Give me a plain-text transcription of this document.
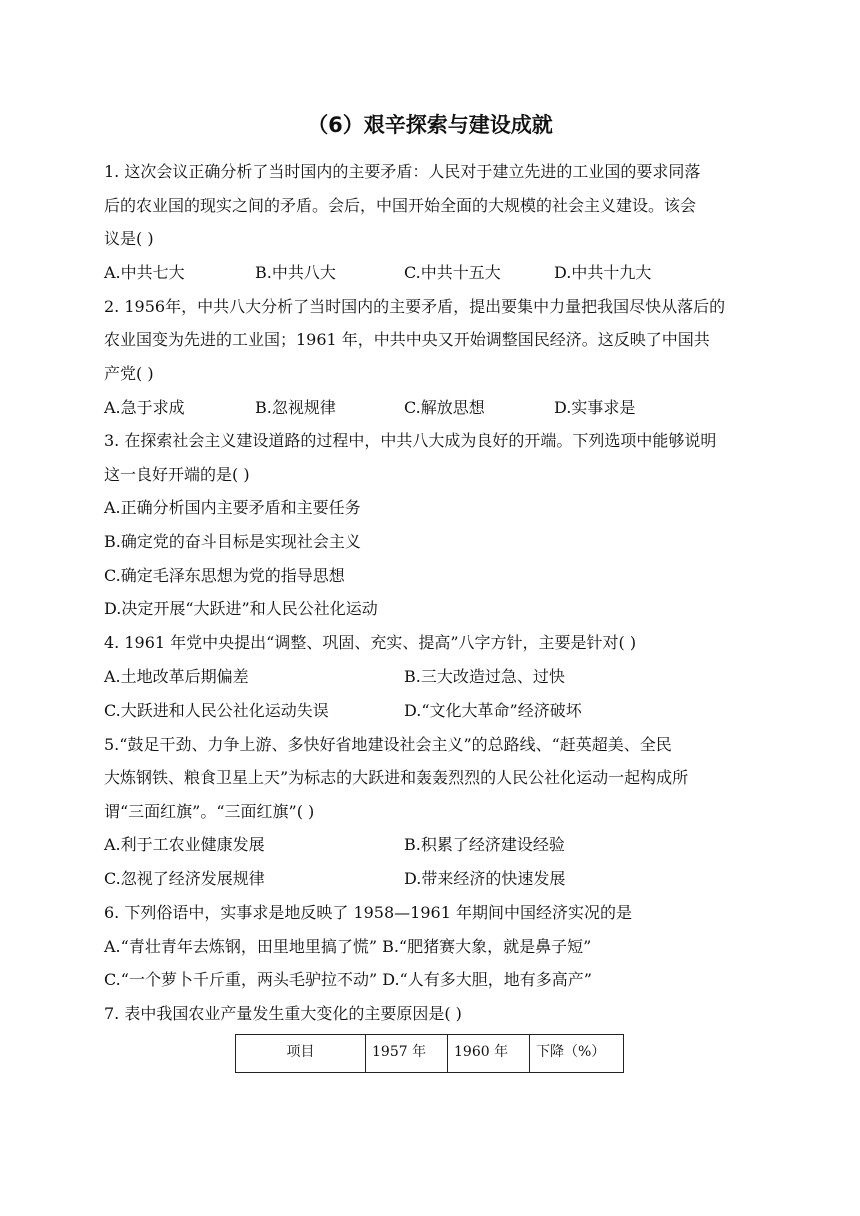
（6）艰辛探索与建设成就
1. 这次会议正确分析了当时国内的主要矛盾：人民对于建立先进的工业国的要求同落
后的农业国的现实之间的矛盾。会后，中国开始全面的大规模的社会主义建设。该会
议是( )
A.中共七大	B.中共八大	C.中共十五大	D.中共十九大
2. 1956年，中共八大分析了当时国内的主要矛盾，提出要集中力量把我国尽快从落后的
农业国变为先进的工业国；1961 年，中共中央又开始调整国民经济。这反映了中国共
产党( )
A.急于求成	B.忽视规律	C.解放思想	D.实事求是
3. 在探索社会主义建设道路的过程中，中共八大成为良好的开端。下列选项中能够说明
这一良好开端的是( )
A.正确分析国内主要矛盾和主要任务
B.确定党的奋斗目标是实现社会主义
C.确定毛泽东思想为党的指导思想
D.决定开展“大跃进”和人民公社化运动
4. 1961 年党中央提出“调整、巩固、充实、提高”八字方针，主要是针对( )
A.土地改革后期偏差	B.三大改造过急、过快
C.大跃进和人民公社化运动失误	D.“文化大革命”经济破坏
5.“鼓足干劲、力争上游、多快好省地建设社会主义”的总路线、“赶英超美、全民
大炼钢铁、粮食卫星上天”为标志的大跃进和轰轰烈烈的人民公社化运动一起构成所
谓“三面红旗”。“三面红旗”( )
A.利于工农业健康发展	B.积累了经济建设经验
C.忽视了经济发展规律	D.带来经济的快速发展
6. 下列俗语中，实事求是地反映了 1958—1961 年期间中国经济实况的是
A.“青壮青年去炼钢，田里地里搞了慌” B.“肥猪赛大象，就是鼻子短”
C.“一个萝卜千斤重，两头毛驴拉不动” D.“人有多大胆，地有多高产”
7. 表中我国农业产量发生重大变化的主要原因是( )
项目	1957 年	1960 年	下降（%）
